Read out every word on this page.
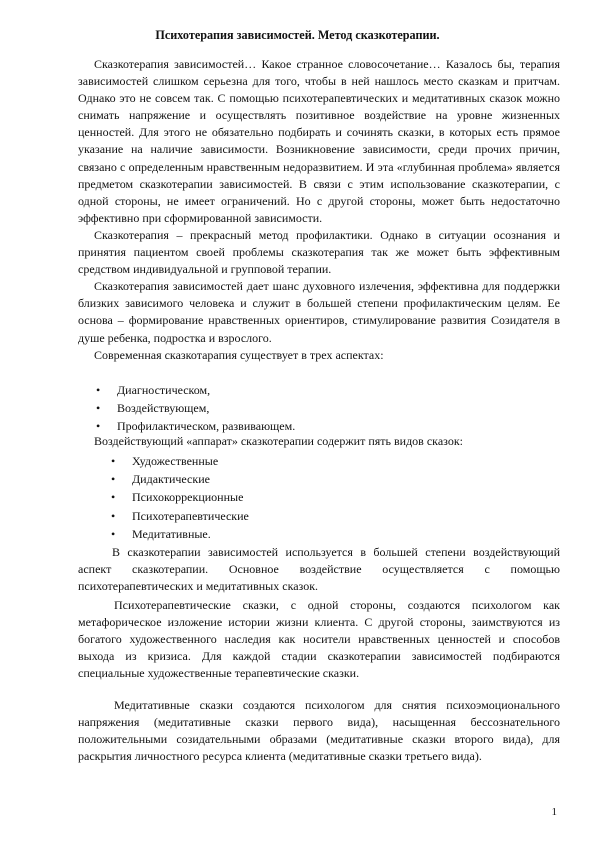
Психотерапия зависимостей. Метод сказкотерапии.

Сказкотерапия зависимостей… Какое странное словосочетание… Казалось бы, терапия зависимостей слишком серьезна для того, чтобы в ней нашлось место сказкам и притчам. Однако это не совсем так. С помощью психотерапевтических и медитативных сказок можно снимать напряжение и осуществлять позитивное воздействие на уровне жизненных ценностей. Для этого не обязательно подбирать и сочинять сказки, в которых есть прямое указание на наличие зависимости. Возникновение зависимости, среди прочих причин, связано с определенным нравственным недоразвитием. И эта «глубинная проблема» является предметом сказкотерапии зависимостей. В связи с этим использование сказкотерапии, с одной стороны, не имеет ограничений. Но с другой стороны, может быть недостаточно эффективно при сформированной зависимости.

Сказкотерапия – прекрасный метод профилактики. Однако в ситуации осознания и принятия пациентом своей проблемы сказкотерапия так же может быть эффективным средством индивидуальной и групповой терапии.

Сказкотерапия зависимостей дает шанс духовного излечения, эффективна для поддержки близких зависимого человека и служит в большей степени профилактическим целям. Ее основа – формирование нравственных ориентиров, стимулирование развития Созидателя в душе ребенка, подростка и взрослого.

Современная сказкотарапия существует в трех аспектах:

• Диагностическом,
• Воздействующем,
• Профилактическом, развивающем.
Воздействующий «аппарат» сказкотерапии содержит пять видов сказок:
• Художественные
• Дидактические
• Психокоррекционные
• Психотерапевтические
• Медитативные.

В сказкотерапии зависимостей используется в большей степени воздействующий аспект сказкотерапии. Основное воздействие осуществляется с помощью психотерапевтических и медитативных сказок.

Психотерапевтические сказки, с одной стороны, создаются психологом как метафорическое изложение истории жизни клиента. С другой стороны, заимствуются из богатого художественного наследия как носители нравственных ценностей и способов выхода из кризиса. Для каждой стадии сказкотерапии зависимостей подбираются специальные художественные терапевтические сказки.

Медитативные сказки создаются психологом для снятия психоэмоционального напряжения (медитативные сказки первого вида), насыщенная бессознательного положительными созидательными образами (медитативные сказки второго вида), для раскрытия личностного ресурса клиента (медитативные сказки третьего вида).

1
